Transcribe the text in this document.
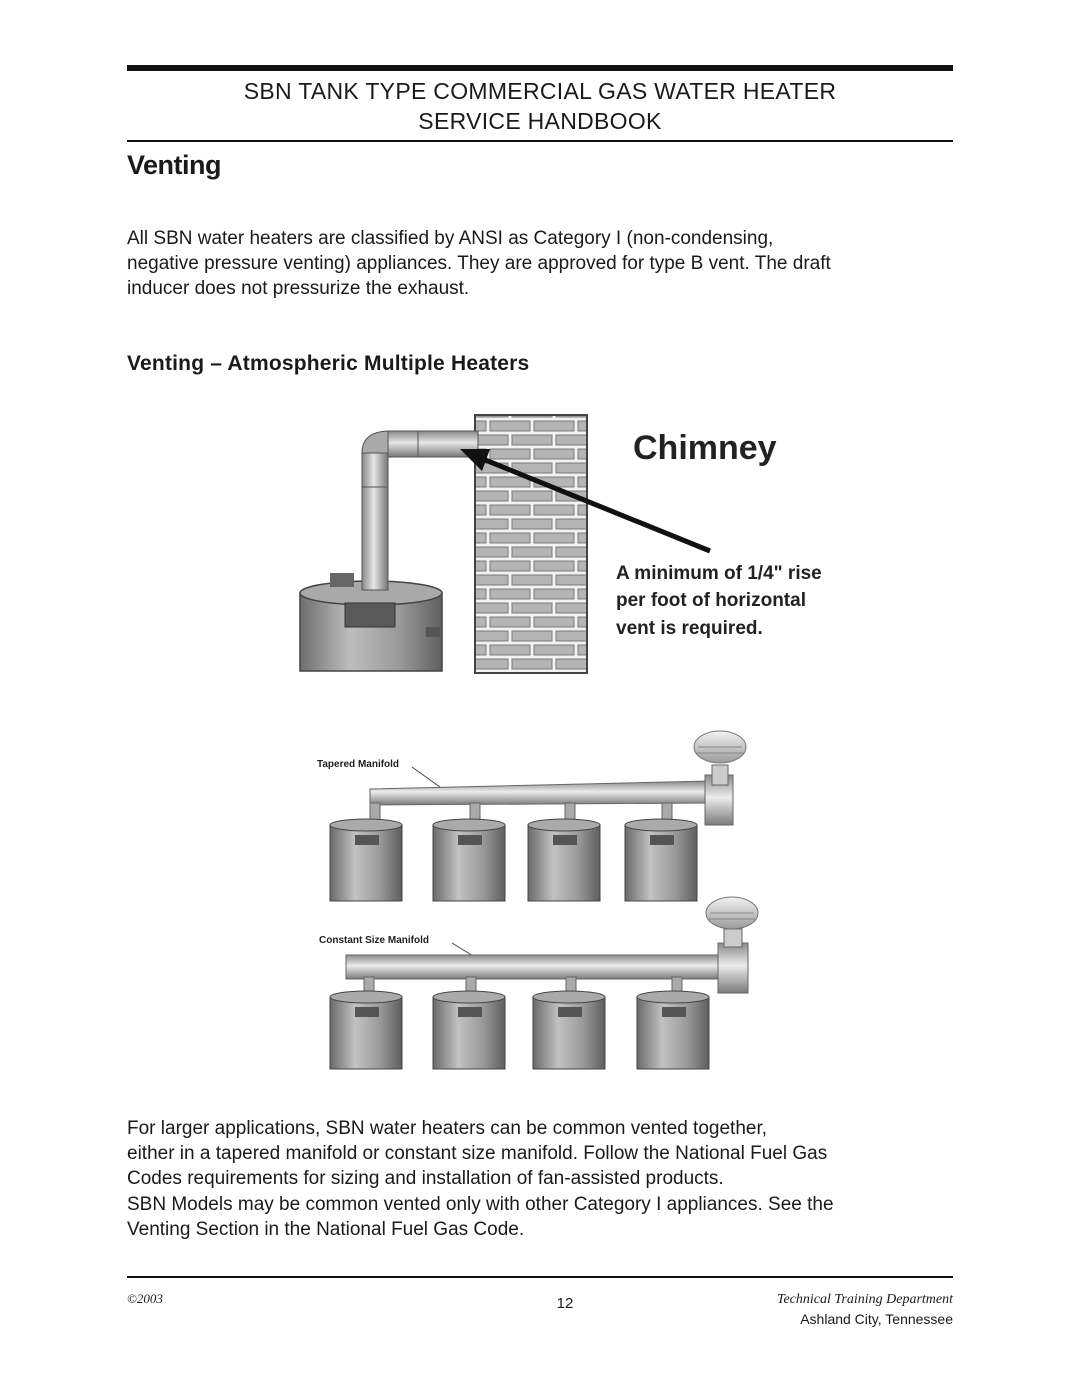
SBN TANK TYPE COMMERCIAL GAS WATER HEATER
SERVICE HANDBOOK
Venting
All SBN water heaters are classified by ANSI as Category I (non-condensing,
negative pressure venting) appliances. They are approved for type B vent. The draft
inducer does not pressurize the exhaust.
Venting – Atmospheric Multiple Heaters
Chimney
A minimum of 1/4" rise
per foot of horizontal
vent is required.
Tapered Manifold
Constant Size Manifold
For larger applications, SBN water heaters can be common vented together,
either in a tapered manifold or constant size manifold. Follow the National Fuel Gas
Codes requirements for sizing and installation of fan-assisted products.
SBN Models may be common vented only with other Category I appliances. See the
Venting Section in the National Fuel Gas Code.
©2003	12	Technical Training Department
Ashland City, Tennessee
